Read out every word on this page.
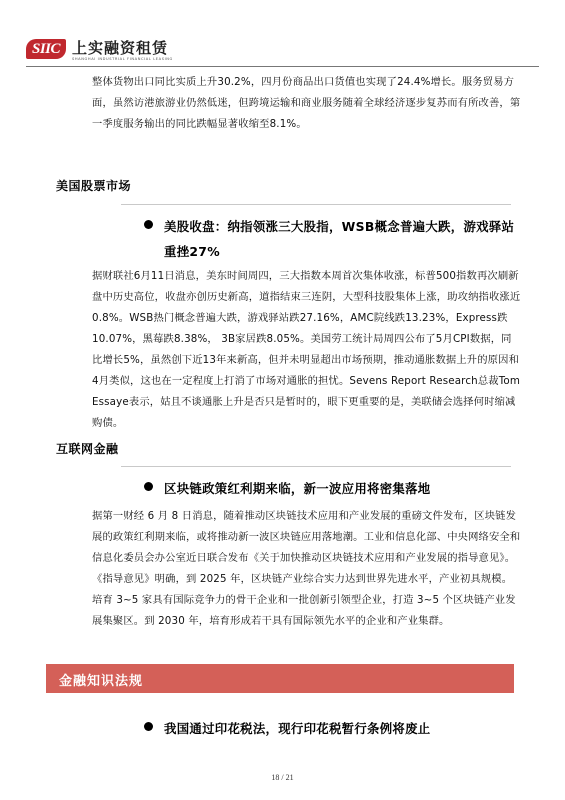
SIIC 上实融资租赁
SHANGHAI INDUSTRIAL FINANCIAL LEASING
整体货物出口同比实质上升30.2%，四月份商品出口货值也实现了24.4%增长。服务贸易方面，虽然访港旅游业仍然低迷，但跨境运输和商业服务随着全球经济逐步复苏而有所改善，第一季度服务输出的同比跌幅显著收缩至8.1%。
美国股票市场
美股收盘：纳指领涨三大股指，WSB概念普遍大跌，游戏驿站重挫27%
据财联社6月11日消息，美东时间周四，三大指数本周首次集体收涨，标普500指数再次刷新盘中历史高位，收盘亦创历史新高，道指结束三连阴，大型科技股集体上涨，助攻纳指收涨近0.8%。WSB热门概念普遍大跌，游戏驿站跌27.16%，AMC院线跌13.23%，Express跌10.07%，黑莓跌8.38%， 3B家居跌8.05%。美国劳工统计局周四公布了5月CPI数据，同比增长5%，虽然创下近13年来新高，但并未明显超出市场预期，推动通胀数据上升的原因和4月类似，这也在一定程度上打消了市场对通胀的担忧。Sevens Report Research总裁Tom Essaye表示，姑且不谈通胀上升是否只是暂时的，眼下更重要的是，美联储会选择何时缩减购债。
互联网金融
区块链政策红利期来临，新一波应用将密集落地
据第一财经 6 月 8 日消息，随着推动区块链技术应用和产业发展的重磅文件发布，区块链发展的政策红利期来临，或将推动新一波区块链应用落地潮。工业和信息化部、中央网络安全和信息化委员会办公室近日联合发布《关于加快推动区块链技术应用和产业发展的指导意见》。《指导意见》明确，到 2025 年，区块链产业综合实力达到世界先进水平，产业初具规模。培育 3~5 家具有国际竞争力的骨干企业和一批创新引领型企业，打造 3~5 个区块链产业发展集聚区。到 2030 年，培育形成若干具有国际领先水平的企业和产业集群。
金融知识法规
我国通过印花税法，现行印花税暂行条例将废止
18 / 21
